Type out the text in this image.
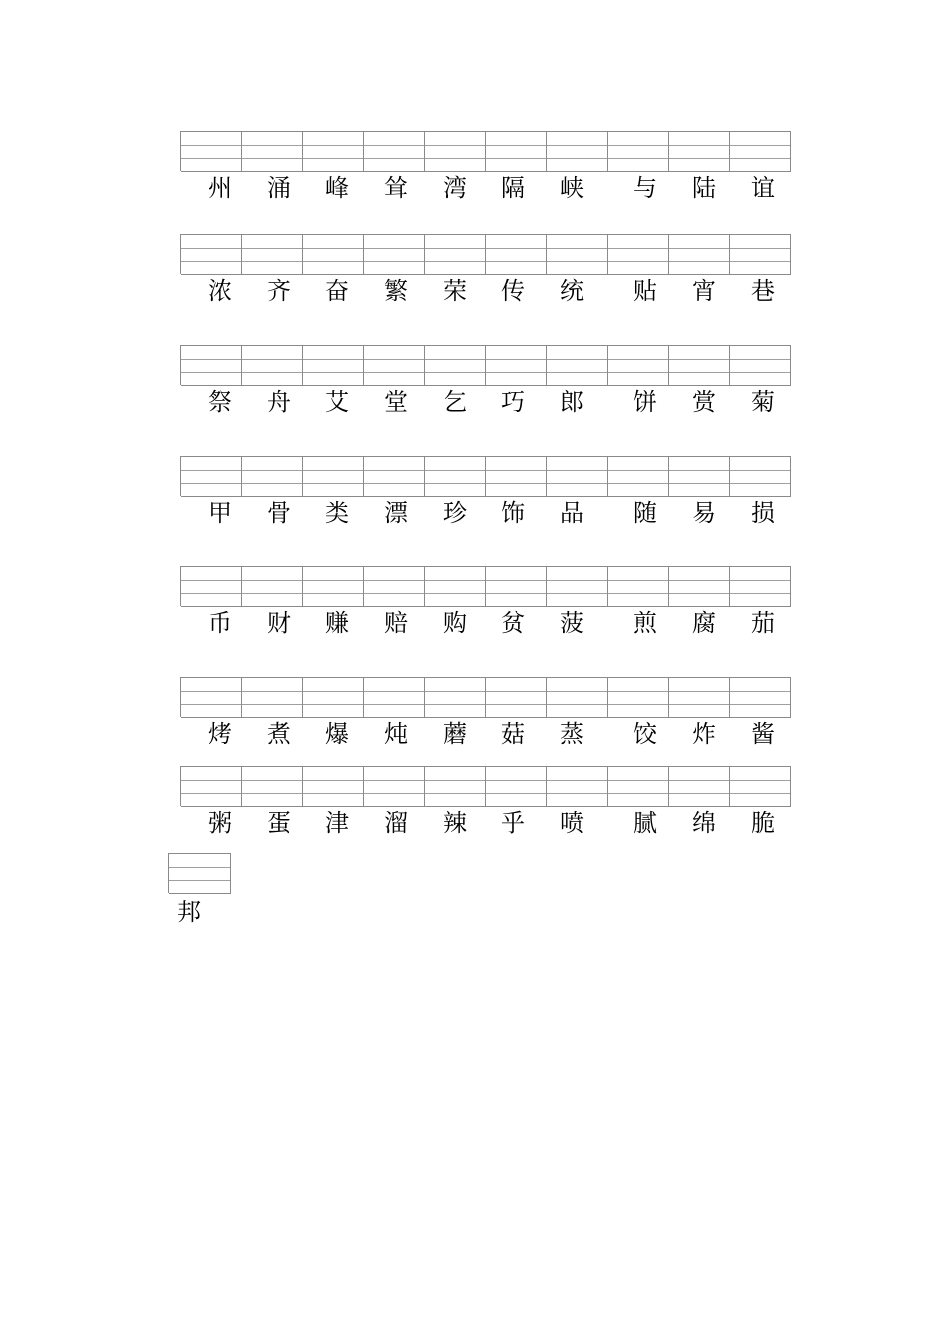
州 涌 峰 耸 湾 隔 峡 与 陆 谊
浓 齐 奋 繁 荣 传 统 贴 宵 巷
祭 舟 艾 堂 乞 巧 郎 饼 赏 菊
甲 骨 类 漂 珍 饰 品 随 易 损
币 财 赚 赔 购 贫 菠 煎 腐 茄
烤 煮 爆 炖 蘑 菇 蒸 饺 炸 酱
粥 蛋 津 溜 辣 乎 喷 腻 绵 脆
邦
